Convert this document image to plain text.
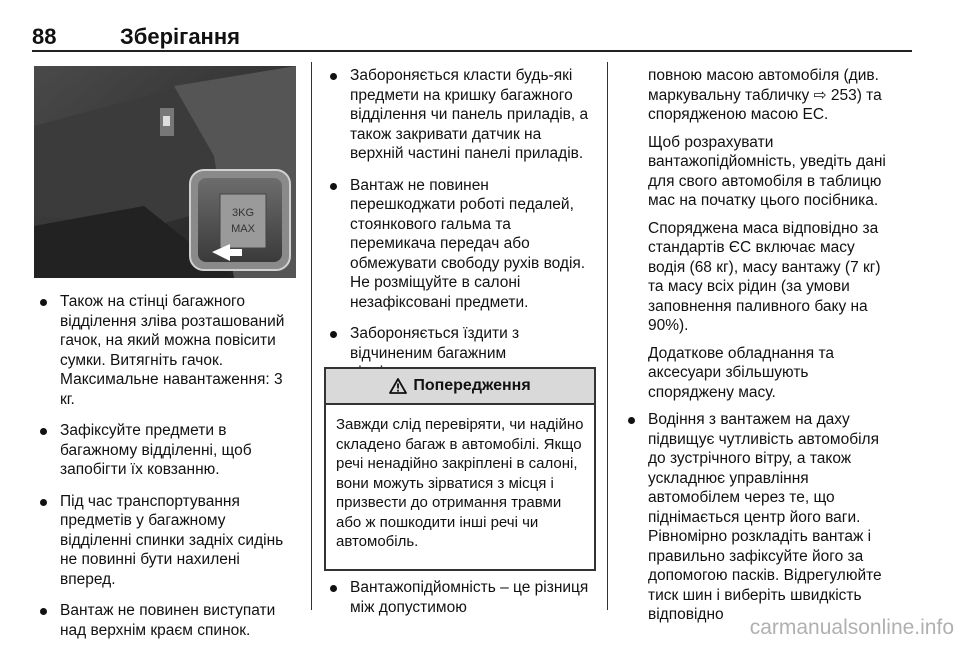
88	Зберігання
3KG
MAX
Також на стінці багажного відділення зліва розташований гачок, на який можна повісити сумки. Витягніть гачок. Максимальне навантаження: 3 кг.
Зафіксуйте предмети в багажному відділенні, щоб запобігти їх ковзанню.
Під час транспортування предметів у багажному відділенні спинки задніх сидінь не повинні бути нахилені вперед.
Вантаж не повинен виступати над верхнім краєм спинок.
Забороняється класти будь-які предмети на кришку багажного відділення чи панель приладів, а також закривати датчик на верхній частині панелі приладів.
Вантаж не повинен перешкоджати роботі педалей, стоянкового гальма та перемикача передач або обмежувати свободу рухів водія. Не розміщуйте в салоні незафіксовані предмети.
Забороняється їздити з відчиненим багажним
Попередження
Завжди слід перевіряти, чи надійно складено багаж в автомобілі. Якщо речі ненадійно закріплені в салоні, вони можуть зірватися з місця і призвести до отримання травми або ж пошкодити інші речі чи автомобіль.
Вантажопідйомність – це різниця між допустимою

повною масою автомобіля (див. маркувальну табличку ⇨ 253) та спорядженою масою ЕС.

Щоб розрахувати вантажопідйомність, уведіть дані для свого автомобіля в таблицю мас на початку цього посібника.

Споряджена маса відповідно за стандартів ЄС включає масу водія (68 кг), масу вантажу (7 кг) та масу всіх рідин (за умови заповнення паливного баку на 90%).

Додаткове обладнання та аксесуари збільшують споряджену масу.

Водіння з вантажем на даху підвищує чутливість автомобіля до зустрічного вітру, а також ускладнює управління автомобілем через те, що піднімається центр його ваги. Рівномірно розкладіть вантаж і правильно зафіксуйте його за допомогою пасків. Відрегулюйте тиск шин і виберіть швидкість відповідно
carmanualsonline.info
